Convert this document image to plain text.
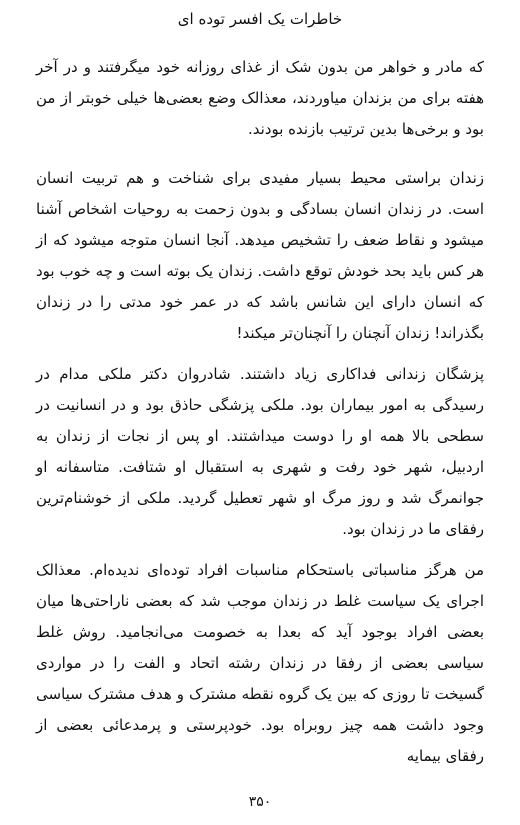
خاطرات یک افسر توده ای

که مادر و خواهر من بدون شک از غذای روزانه خود میگرفتند و در آخر هفته برای من بزندان میاوردند، معذالک وضع بعضی‌ها خیلی خوبتر از من بود و برخی‌ها بدین ترتیب بازنده بودند.

زندان براستی محیط بسیار مفیدی برای شناخت و هم تربیت انسان است. در زندان انسان بسادگی و بدون زحمت به روحیات اشخاص آشنا میشود و نقاط ضعف را تشخیص میدهد. آنجا انسان متوجه میشود که از هر کس باید بحد خودش توقع داشت. زندان یک بوته است و چه خوب بود که انسان دارای این شانس باشد که در عمر خود مدتی را در زندان بگذراند! زندان آنچنان را آنچنان‌تر میکند!

پزشگان زندانی فداکاری زیاد داشتند. شادروان دکتر ملکی مدام در رسیدگی به امور بیماران بود. ملکی پزشگی حاذق بود و در انسانیت در سطحی بالا همه او را دوست میداشتند. او پس از نجات از زندان به اردبیل، شهر خود رفت و شهری به استقبال او شتافت. متاسفانه او جوانمرگ شد و روز مرگ او شهر تعطیل گردید. ملکی از خوشنام‌ترین رفقای ما در زندان بود.

من هرگز مناسباتی باستحکام مناسبات افراد توده‌ای ندیده‌ام. معذالک اجرای یک سیاست غلط در زندان موجب شد که بعضی ناراحتی‌ها میان بعضی افراد بوجود آید که بعدا به خصومت می‌انجامید. روش غلط سیاسی بعضی از رفقا در زندان رشته اتحاد و الفت را در مواردی گسیخت تا روزی که بین یک گروه نقطه مشترک و هدف مشترک سیاسی وجود داشت همه چیز روبراه بود. خودپرستی و پرمدعائی بعضی از رفقای بیمایه

۳۵۰
